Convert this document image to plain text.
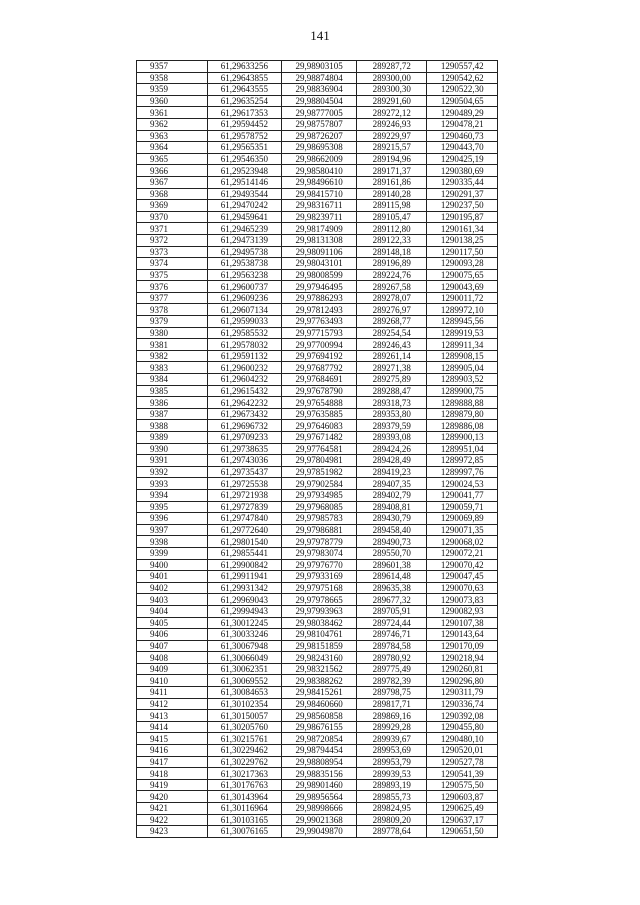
141
9357	61,29633256	29,98903105	289287,72	1290557,42
9358	61,29643855	29,98874804	289300,00	1290542,62
9359	61,29643555	29,98836904	289300,30	1290522,30
9360	61,29635254	29,98804504	289291,60	1290504,65
9361	61,29617353	29,98777005	289272,12	1290489,29
9362	61,29594452	29,98757807	289246,93	1290478,21
9363	61,29578752	29,98726207	289229,97	1290460,73
9364	61,29565351	29,98695308	289215,57	1290443,70
9365	61,29546350	29,98662009	289194,96	1290425,19
9366	61,29523948	29,98580410	289171,37	1290380,69
9367	61,29514146	29,98496610	289161,86	1290335,44
9368	61,29493544	29,98415710	289140,28	1290291,37
9369	61,29470242	29,98316711	289115,98	1290237,50
9370	61,29459641	29,98239711	289105,47	1290195,87
9371	61,29465239	29,98174909	289112,80	1290161,34
9372	61,29473139	29,98131308	289122,33	1290138,25
9373	61,29495738	29,98091106	289148,18	1290117,50
9374	61,29538738	29,98043101	289196,89	1290093,28
9375	61,29563238	29,98008599	289224,76	1290075,65
9376	61,29600737	29,97946495	289267,58	1290043,69
9377	61,29609236	29,97886293	289278,07	1290011,72
9378	61,29607134	29,97812493	289276,97	1289972,10
9379	61,29599033	29,97763493	289268,77	1289945,56
9380	61,29585532	29,97715793	289254,54	1289919,53
9381	61,29578032	29,97700994	289246,43	1289911,34
9382	61,29591132	29,97694192	289261,14	1289908,15
9383	61,29600232	29,97687792	289271,38	1289905,04
9384	61,29604232	29,97684691	289275,89	1289903,52
9385	61,29615432	29,97678790	289288,47	1289900,75
9386	61,29642232	29,97654888	289318,73	1289888,88
9387	61,29673432	29,97635885	289353,80	1289879,80
9388	61,29696732	29,97646083	289379,59	1289886,08
9389	61,29709233	29,97671482	289393,08	1289900,13
9390	61,29738635	29,97764581	289424,26	1289951,04
9391	61,29743036	29,97804981	289428,49	1289972,85
9392	61,29735437	29,97851982	289419,23	1289997,76
9393	61,29725538	29,97902584	289407,35	1290024,53
9394	61,29721938	29,97934985	289402,79	1290041,77
9395	61,29727839	29,97968085	289408,81	1290059,71
9396	61,29747840	29,97985783	289430,79	1290069,89
9397	61,29772640	29,97986881	289458,40	1290071,35
9398	61,29801540	29,97978779	289490,73	1290068,02
9399	61,29855441	29,97983074	289550,70	1290072,21
9400	61,29900842	29,97976770	289601,38	1290070,42
9401	61,29911941	29,97933169	289614,48	1290047,45
9402	61,29931342	29,97975168	289635,38	1290070,63
9403	61,29969043	29,97978665	289677,32	1290073,83
9404	61,29994943	29,97993963	289705,91	1290082,93
9405	61,30012245	29,98038462	289724,44	1290107,38
9406	61,30033246	29,98104761	289746,71	1290143,64
9407	61,30067948	29,98151859	289784,58	1290170,09
9408	61,30066049	29,98243160	289780,92	1290218,94
9409	61,30062351	29,98321562	289775,49	1290260,81
9410	61,30069552	29,98388262	289782,39	1290296,80
9411	61,30084653	29,98415261	289798,75	1290311,79
9412	61,30102354	29,98460660	289817,71	1290336,74
9413	61,30150057	29,98560858	289869,16	1290392,08
9414	61,30205760	29,98676155	289929,28	1290455,80
9415	61,30215761	29,98720854	289939,67	1290480,10
9416	61,30229462	29,98794454	289953,69	1290520,01
9417	61,30229762	29,98808954	289953,79	1290527,78
9418	61,30217363	29,98835156	289939,53	1290541,39
9419	61,30176763	29,98901460	289893,19	1290575,50
9420	61,30143964	29,98956564	289855,73	1290603,87
9421	61,30116964	29,98998666	289824,95	1290625,49
9422	61,30103165	29,99021368	289809,20	1290637,17
9423	61,30076165	29,99049870	289778,64	1290651,50
